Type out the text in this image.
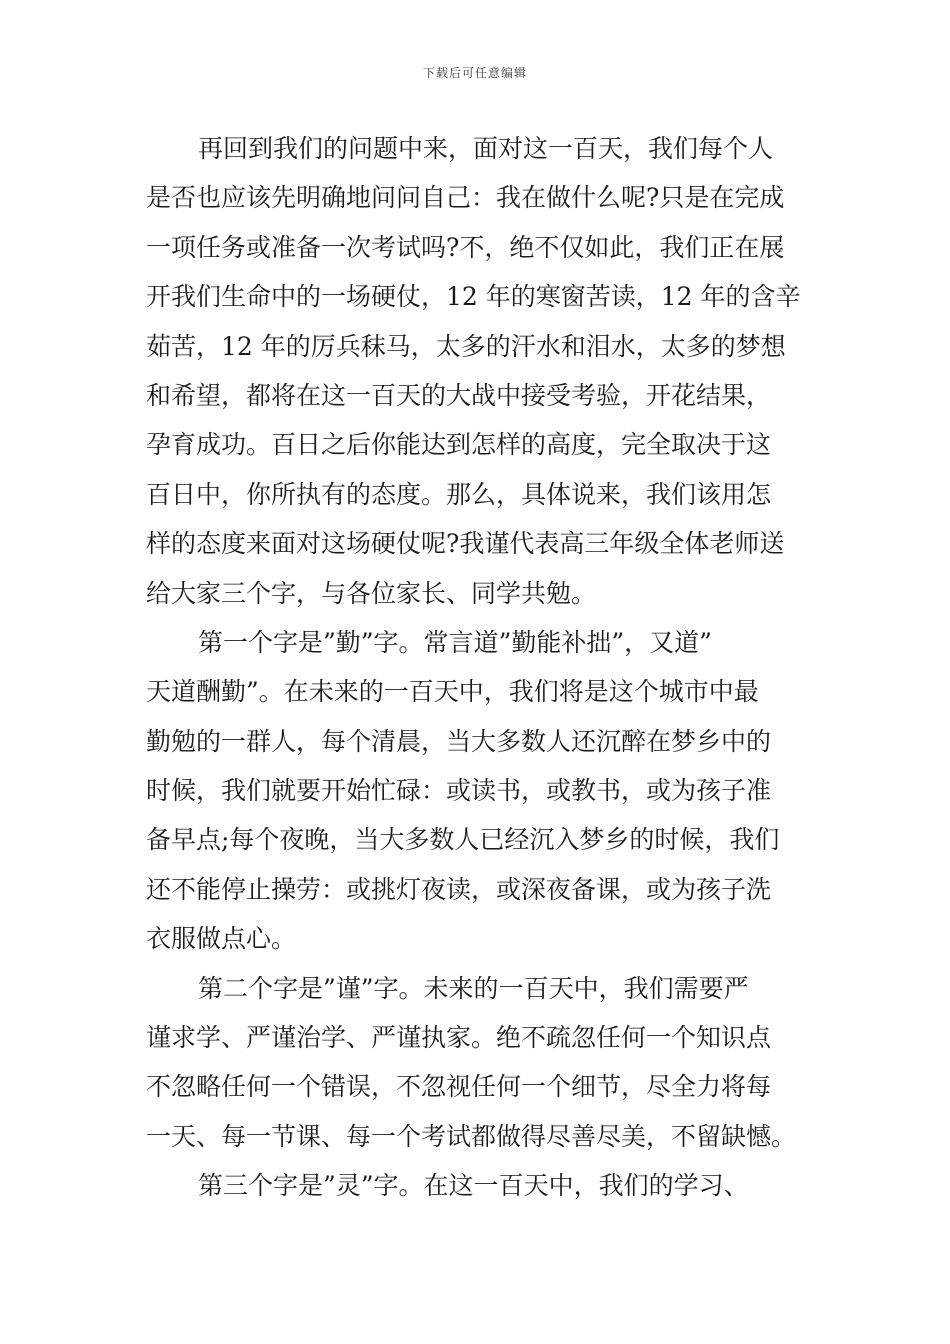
下载后可任意编辑
再回到我们的问题中来，面对这一百天，我们每个人
是否也应该先明确地问问自己：我在做什么呢?只是在完成
一项任务或准备一次考试吗?不，绝不仅如此，我们正在展
开我们生命中的一场硬仗，12 年的寒窗苦读，12 年的含辛
茹苦，12 年的厉兵秣马，太多的汗水和泪水，太多的梦想
和希望，都将在这一百天的大战中接受考验，开花结果，
孕育成功。百日之后你能达到怎样的高度，完全取决于这
百日中，你所执有的态度。那么，具体说来，我们该用怎
样的态度来面对这场硬仗呢?我谨代表高三年级全体老师送
给大家三个字，与各位家长、同学共勉。
第一个字是”勤”字。常言道”勤能补拙”，又道”
天道酬勤”。在未来的一百天中，我们将是这个城市中最
勤勉的一群人，每个清晨，当大多数人还沉醉在梦乡中的
时候，我们就要开始忙碌：或读书，或教书，或为孩子准
备早点;每个夜晚，当大多数人已经沉入梦乡的时候，我们
还不能停止操劳：或挑灯夜读，或深夜备课，或为孩子洗
衣服做点心。
第二个字是”谨”字。未来的一百天中，我们需要严
谨求学、严谨治学、严谨执家。绝不疏忽任何一个知识点
不忽略任何一个错误，不忽视任何一个细节，尽全力将每
一天、每一节课、每一个考试都做得尽善尽美，不留缺憾。
第三个字是”灵”字。在这一百天中，我们的学习、
